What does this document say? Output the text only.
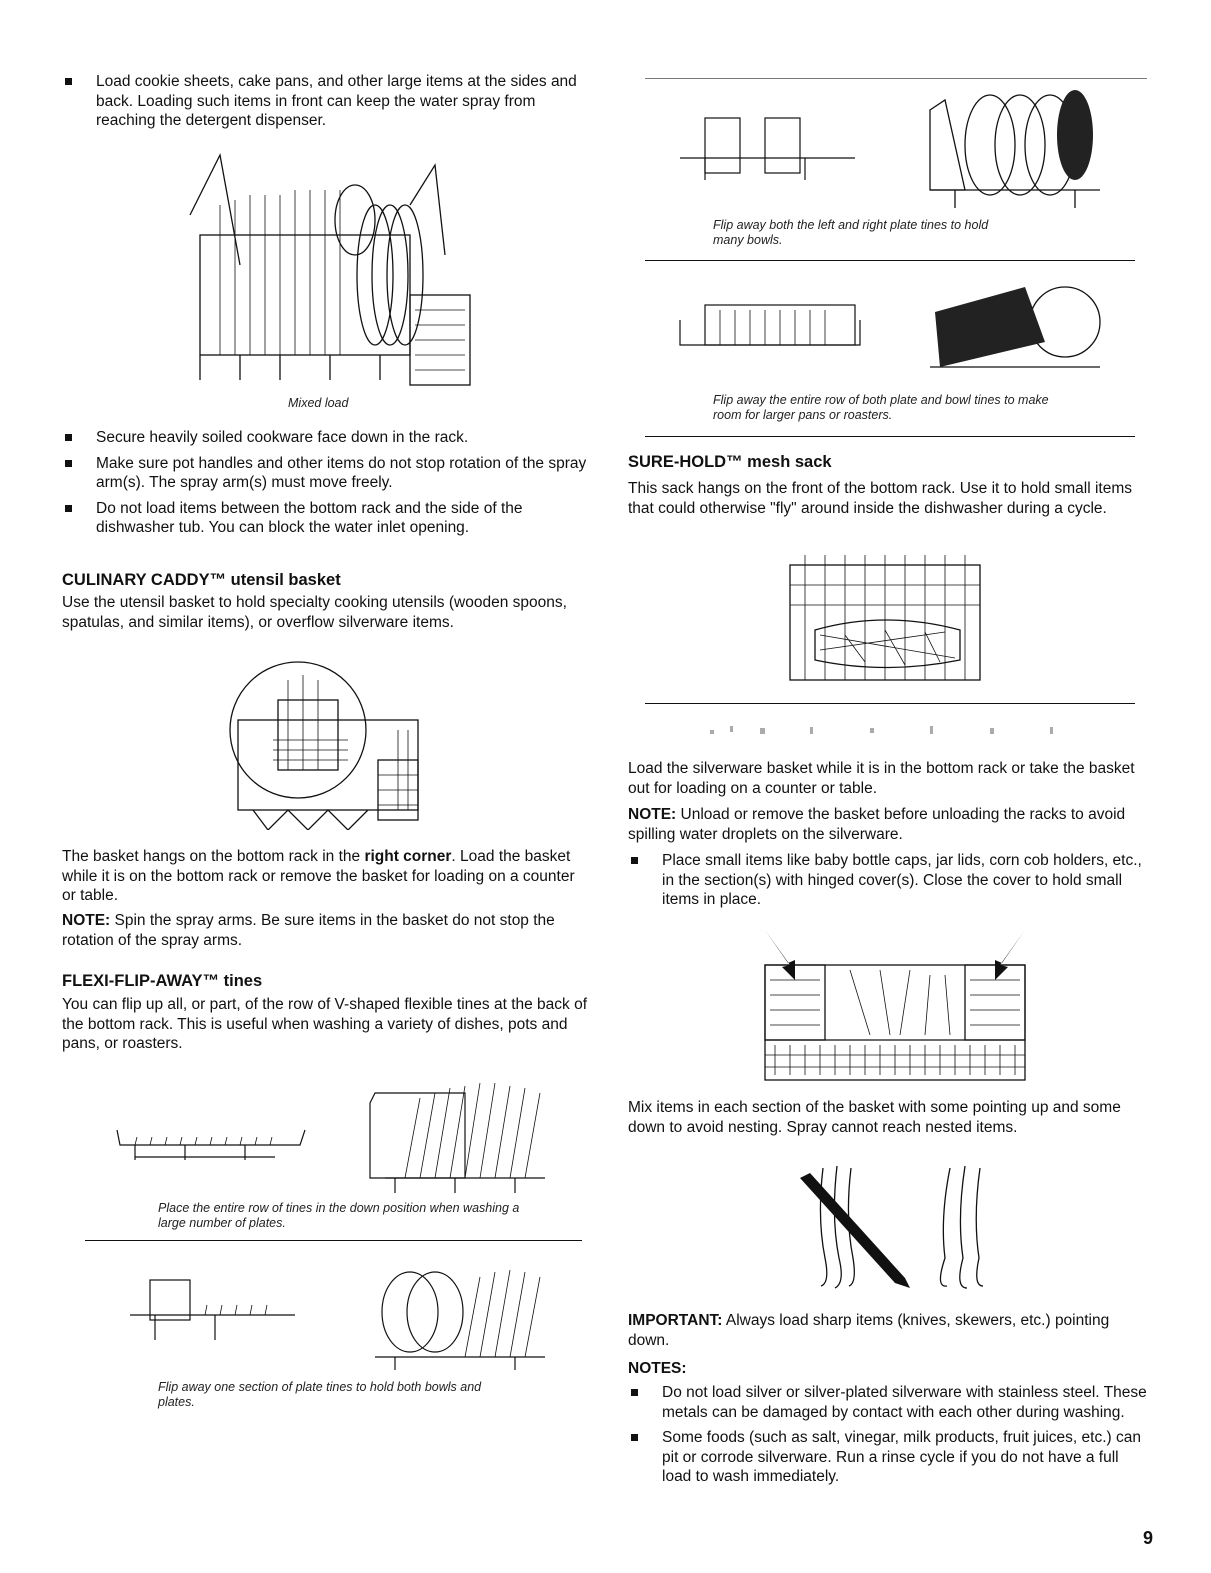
Load cookie sheets, cake pans, and other large items at the sides and back. Loading such items in front can keep the water spray from reaching the detergent dispenser.

Mixed load

Secure heavily soiled cookware face down in the rack.

Make sure pot handles and other items do not stop rotation of the spray arm(s). The spray arm(s) must move freely.

Do not load items between the bottom rack and the side of the dishwasher tub. You can block the water inlet opening.

CULINARY CADDY™ utensil basket

Use the utensil basket to hold specialty cooking utensils (wooden spoons, spatulas, and similar items), or overflow silverware items.

The basket hangs on the bottom rack in the right corner. Load the basket while it is on the bottom rack or remove the basket for loading on a counter or table.

NOTE: Spin the spray arms. Be sure items in the basket do not stop the rotation of the spray arms.

FLEXI-FLIP-AWAY™ tines

You can flip up all, or part, of the row of V-shaped flexible tines at the back of the bottom rack. This is useful when washing a variety of dishes, pots and pans, or roasters.

Place the entire row of tines in the down position when washing a large number of plates.

Flip away one section of plate tines to hold both bowls and plates.

Flip away both the left and right plate tines to hold many bowls.

Flip away the entire row of both plate and bowl tines to make room for larger pans or roasters.

SURE-HOLD™ mesh sack

This sack hangs on the front of the bottom rack. Use it to hold small items that could otherwise "fly" around inside the dishwasher during a cycle.

Load the silverware basket while it is in the bottom rack or take the basket out for loading on a counter or table.

NOTE: Unload or remove the basket before unloading the racks to avoid spilling water droplets on the silverware.

Place small items like baby bottle caps, jar lids, corn cob holders, etc., in the section(s) with hinged cover(s). Close the cover to hold small items in place.

Mix items in each section of the basket with some pointing up and some down to avoid nesting. Spray cannot reach nested items.

IMPORTANT: Always load sharp items (knives, skewers, etc.) pointing down.

NOTES:

Do not load silver or silver-plated silverware with stainless steel. These metals can be damaged by contact with each other during washing.

Some foods (such as salt, vinegar, milk products, fruit juices, etc.) can pit or corrode silverware. Run a rinse cycle if you do not have a full load to wash immediately.

9
